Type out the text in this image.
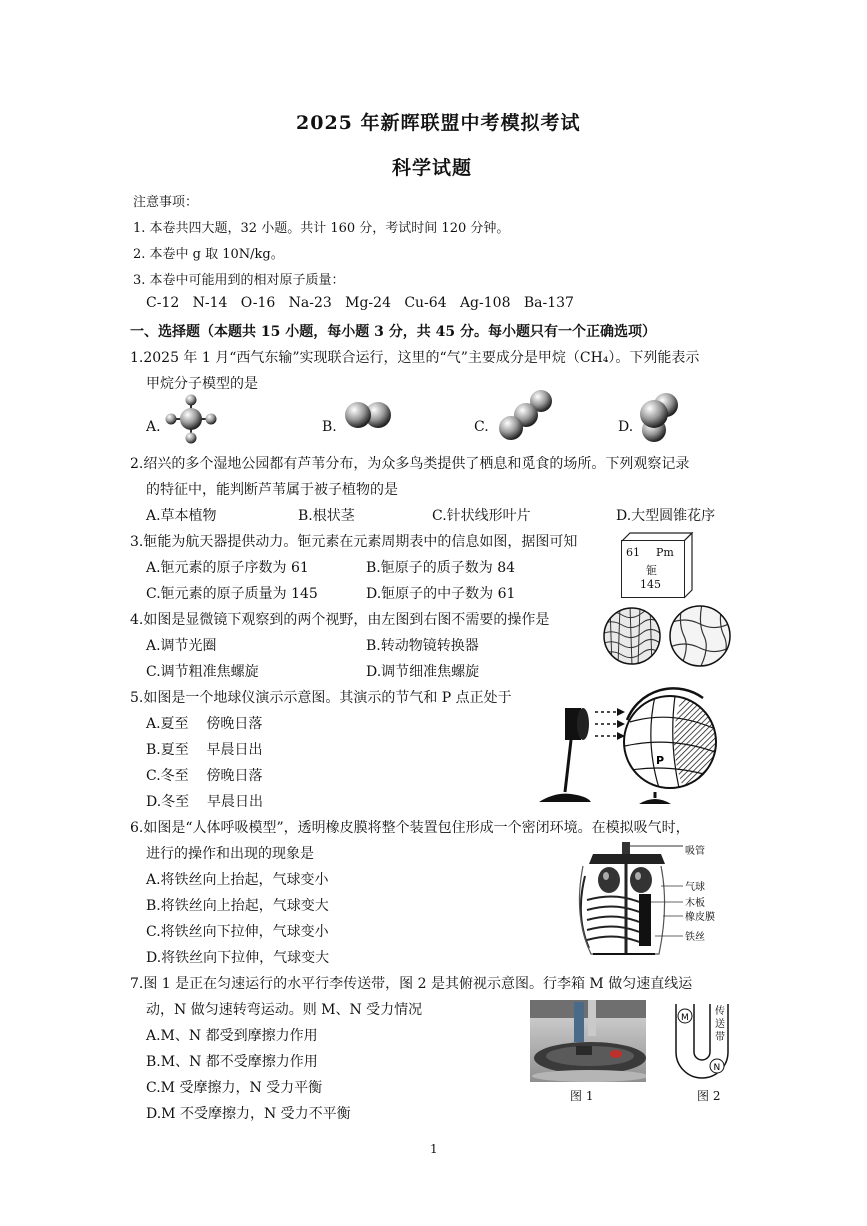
2025 年新晖联盟中考模拟考试
科学试题
注意事项：
1. 本卷共四大题，32 小题。共计 160 分，考试时间 120 分钟。
2. 本卷中 g 取 10N/kg。
3. 本卷中可能用到的相对原子质量：
C-12   N-14   O-16   Na-23   Mg-24   Cu-64   Ag-108   Ba-137
一、选择题（本题共 15 小题，每小题 3 分，共 45 分。每小题只有一个正确选项）
1.2025 年 1 月“西气东输”实现联合运行，这里的“气”主要成分是甲烷（CH₄）。下列能表示
甲烷分子模型的是
A.	B.	C.	D.
2.绍兴的多个湿地公园都有芦苇分布，为众多鸟类提供了栖息和觅食的场所。下列观察记录
的特征中，能判断芦苇属于被子植物的是
A.草本植物	B.根状茎	C.针状线形叶片	D.大型圆锥花序
3.钷能为航天器提供动力。钷元素在元素周期表中的信息如图，据图可知
A.钷元素的原子序数为 61	B.钷原子的质子数为 84
C.钷元素的原子质量为 145	D.钷原子的中子数为 61
61 Pm
钷
145
4.如图是显微镜下观察到的两个视野，由左图到右图不需要的操作是
A.调节光圈	B.转动物镜转换器
C.调节粗准焦螺旋	D.调节细准焦螺旋
5.如图是一个地球仪演示示意图。其演示的节气和 P 点正处于
A.夏至    傍晚日落
B.夏至    早晨日出
C.冬至    傍晚日落
D.冬至    早晨日出
P
6.如图是“人体呼吸模型”，透明橡皮膜将整个装置包住形成一个密闭环境。在模拟吸气时，
进行的操作和出现的现象是
A.将铁丝向上抬起，气球变小
B.将铁丝向上抬起，气球变大
C.将铁丝向下拉伸，气球变小
D.将铁丝向下拉伸，气球变大
吸管
气球
木板
橡皮膜
铁丝
7.图 1 是正在匀速运行的水平行李传送带，图 2 是其俯视示意图。行李箱 M 做匀速直线运
动，N 做匀速转弯运动。则 M、N 受力情况
A.M、N 都受到摩擦力作用
B.M、N 都不受摩擦力作用
C.M 受摩擦力，N 受力平衡
D.M 不受摩擦力，N 受力不平衡
图 1
M
N
传
送
带
图 2
1
